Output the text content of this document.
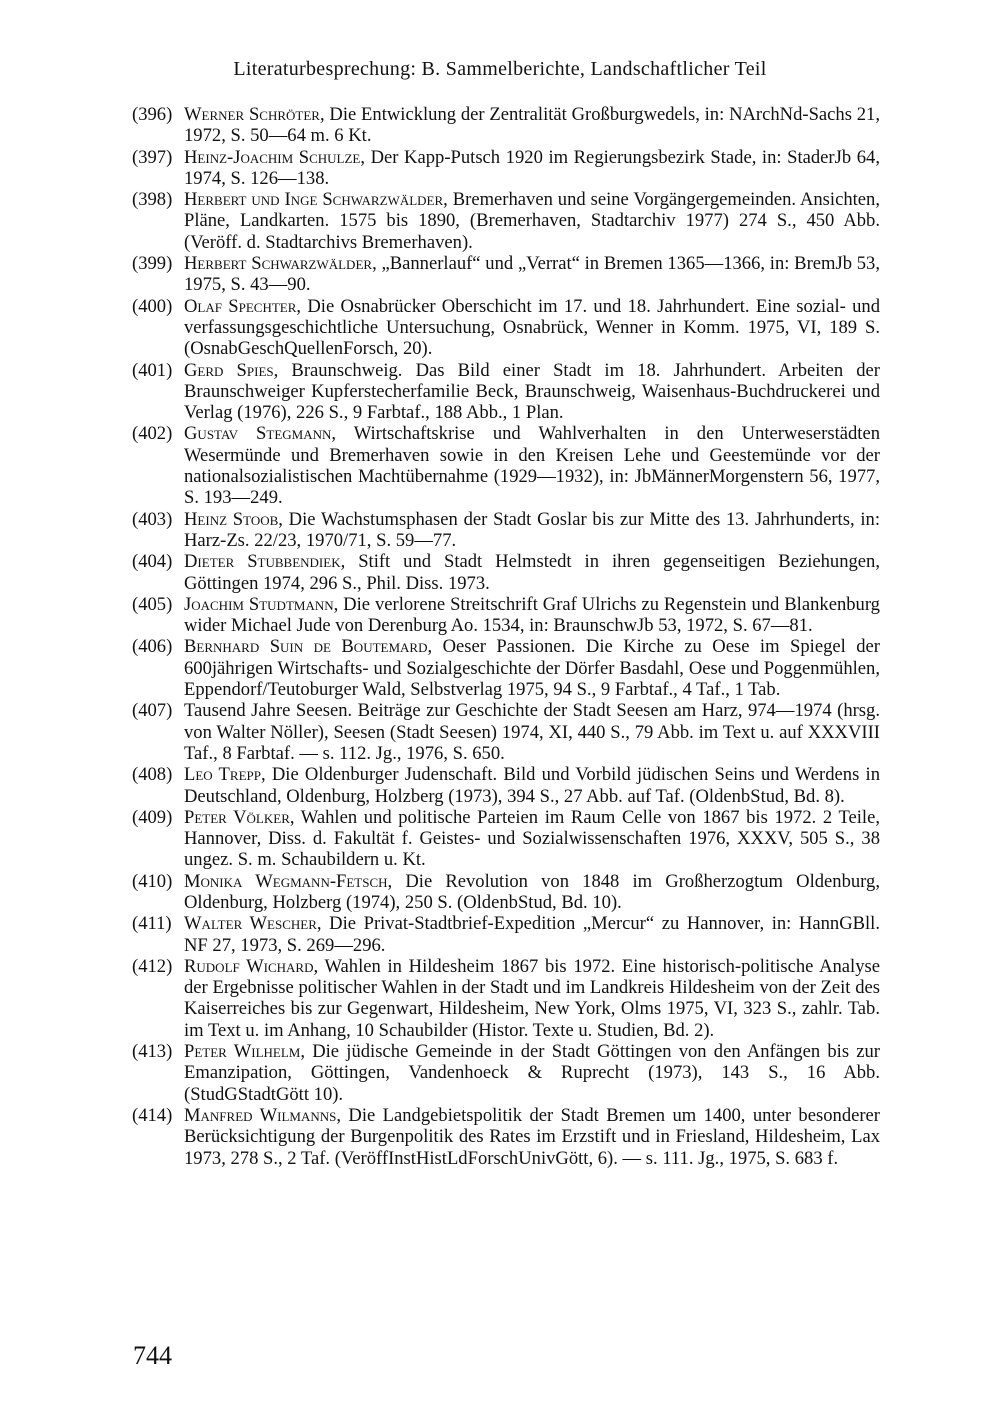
Literaturbesprechung: B. Sammelberichte, Landschaftlicher Teil

(396) Werner Schröter, Die Entwicklung der Zentralität Großburgwedels, in: NArchNd-Sachs 21, 1972, S. 50—64 m. 6 Kt.

(397) Heinz-Joachim Schulze, Der Kapp-Putsch 1920 im Regierungsbezirk Stade, in: StaderJb 64, 1974, S. 126—138.

(398) Herbert und Inge Schwarzwälder, Bremerhaven und seine Vorgängergemeinden. Ansichten, Pläne, Landkarten. 1575 bis 1890, (Bremerhaven, Stadtarchiv 1977) 274 S., 450 Abb. (Veröff. d. Stadtarchivs Bremerhaven).

(399) Herbert Schwarzwälder, „Bannerlauf“ und „Verrat“ in Bremen 1365—1366, in: BremJb 53, 1975, S. 43—90.

(400) Olaf Spechter, Die Osnabrücker Oberschicht im 17. und 18. Jahrhundert. Eine sozial- und verfassungsgeschichtliche Untersuchung, Osnabrück, Wenner in Komm. 1975, VI, 189 S. (OsnabGeschQuellenForsch, 20).

(401) Gerd Spies, Braunschweig. Das Bild einer Stadt im 18. Jahrhundert. Arbeiten der Braunschweiger Kupferstecherfamilie Beck, Braunschweig, Waisenhaus-Buchdruckerei und Verlag (1976), 226 S., 9 Farbtaf., 188 Abb., 1 Plan.

(402) Gustav Stegmann, Wirtschaftskrise und Wahlverhalten in den Unterweserstädten Wesermünde und Bremerhaven sowie in den Kreisen Lehe und Geestemünde vor der nationalsozialistischen Machtübernahme (1929—1932), in: JbMännerMorgenstern 56, 1977, S. 193—249.

(403) Heinz Stoob, Die Wachstumsphasen der Stadt Goslar bis zur Mitte des 13. Jahrhunderts, in: Harz-Zs. 22/23, 1970/71, S. 59—77.

(404) Dieter Stubbendiek, Stift und Stadt Helmstedt in ihren gegenseitigen Beziehungen, Göttingen 1974, 296 S., Phil. Diss. 1973.

(405) Joachim Studtmann, Die verlorene Streitschrift Graf Ulrichs zu Regenstein und Blankenburg wider Michael Jude von Derenburg Ao. 1534, in: BraunschwJb 53, 1972, S. 67—81.

(406) Bernhard Suin de Boutemard, Oeser Passionen. Die Kirche zu Oese im Spiegel der 600jährigen Wirtschafts- und Sozialgeschichte der Dörfer Basdahl, Oese und Poggenmühlen, Eppendorf/Teutoburger Wald, Selbstverlag 1975, 94 S., 9 Farbtaf., 4 Taf., 1 Tab.

(407) Tausend Jahre Seesen. Beiträge zur Geschichte der Stadt Seesen am Harz, 974—1974 (hrsg. von Walter Nöller), Seesen (Stadt Seesen) 1974, XI, 440 S., 79 Abb. im Text u. auf XXXVIII Taf., 8 Farbtaf. — s. 112. Jg., 1976, S. 650.

(408) Leo Trepp, Die Oldenburger Judenschaft. Bild und Vorbild jüdischen Seins und Werdens in Deutschland, Oldenburg, Holzberg (1973), 394 S., 27 Abb. auf Taf. (OldenbStud, Bd. 8).

(409) Peter Völker, Wahlen und politische Parteien im Raum Celle von 1867 bis 1972. 2 Teile, Hannover, Diss. d. Fakultät f. Geistes- und Sozialwissenschaften 1976, XXXV, 505 S., 38 ungez. S. m. Schaubildern u. Kt.

(410) Monika Wegmann-Fetsch, Die Revolution von 1848 im Großherzogtum Oldenburg, Oldenburg, Holzberg (1974), 250 S. (OldenbStud, Bd. 10).

(411) Walter Wescher, Die Privat-Stadtbrief-Expedition „Mercur“ zu Hannover, in: HannGBll. NF 27, 1973, S. 269—296.

(412) Rudolf Wichard, Wahlen in Hildesheim 1867 bis 1972. Eine historisch-politische Analyse der Ergebnisse politischer Wahlen in der Stadt und im Landkreis Hildesheim von der Zeit des Kaiserreiches bis zur Gegenwart, Hildesheim, New York, Olms 1975, VI, 323 S., zahlr. Tab. im Text u. im Anhang, 10 Schaubilder (Histor. Texte u. Studien, Bd. 2).

(413) Peter Wilhelm, Die jüdische Gemeinde in der Stadt Göttingen von den Anfängen bis zur Emanzipation, Göttingen, Vandenhoeck & Ruprecht (1973), 143 S., 16 Abb. (StudGStadtGött 10).

(414) Manfred Wilmanns, Die Landgebietspolitik der Stadt Bremen um 1400, unter besonderer Berücksichtigung der Burgenpolitik des Rates im Erzstift und in Friesland, Hildesheim, Lax 1973, 278 S., 2 Taf. (VeröffInstHistLdForschUnivGött, 6). — s. 111. Jg., 1975, S. 683 f.

744
